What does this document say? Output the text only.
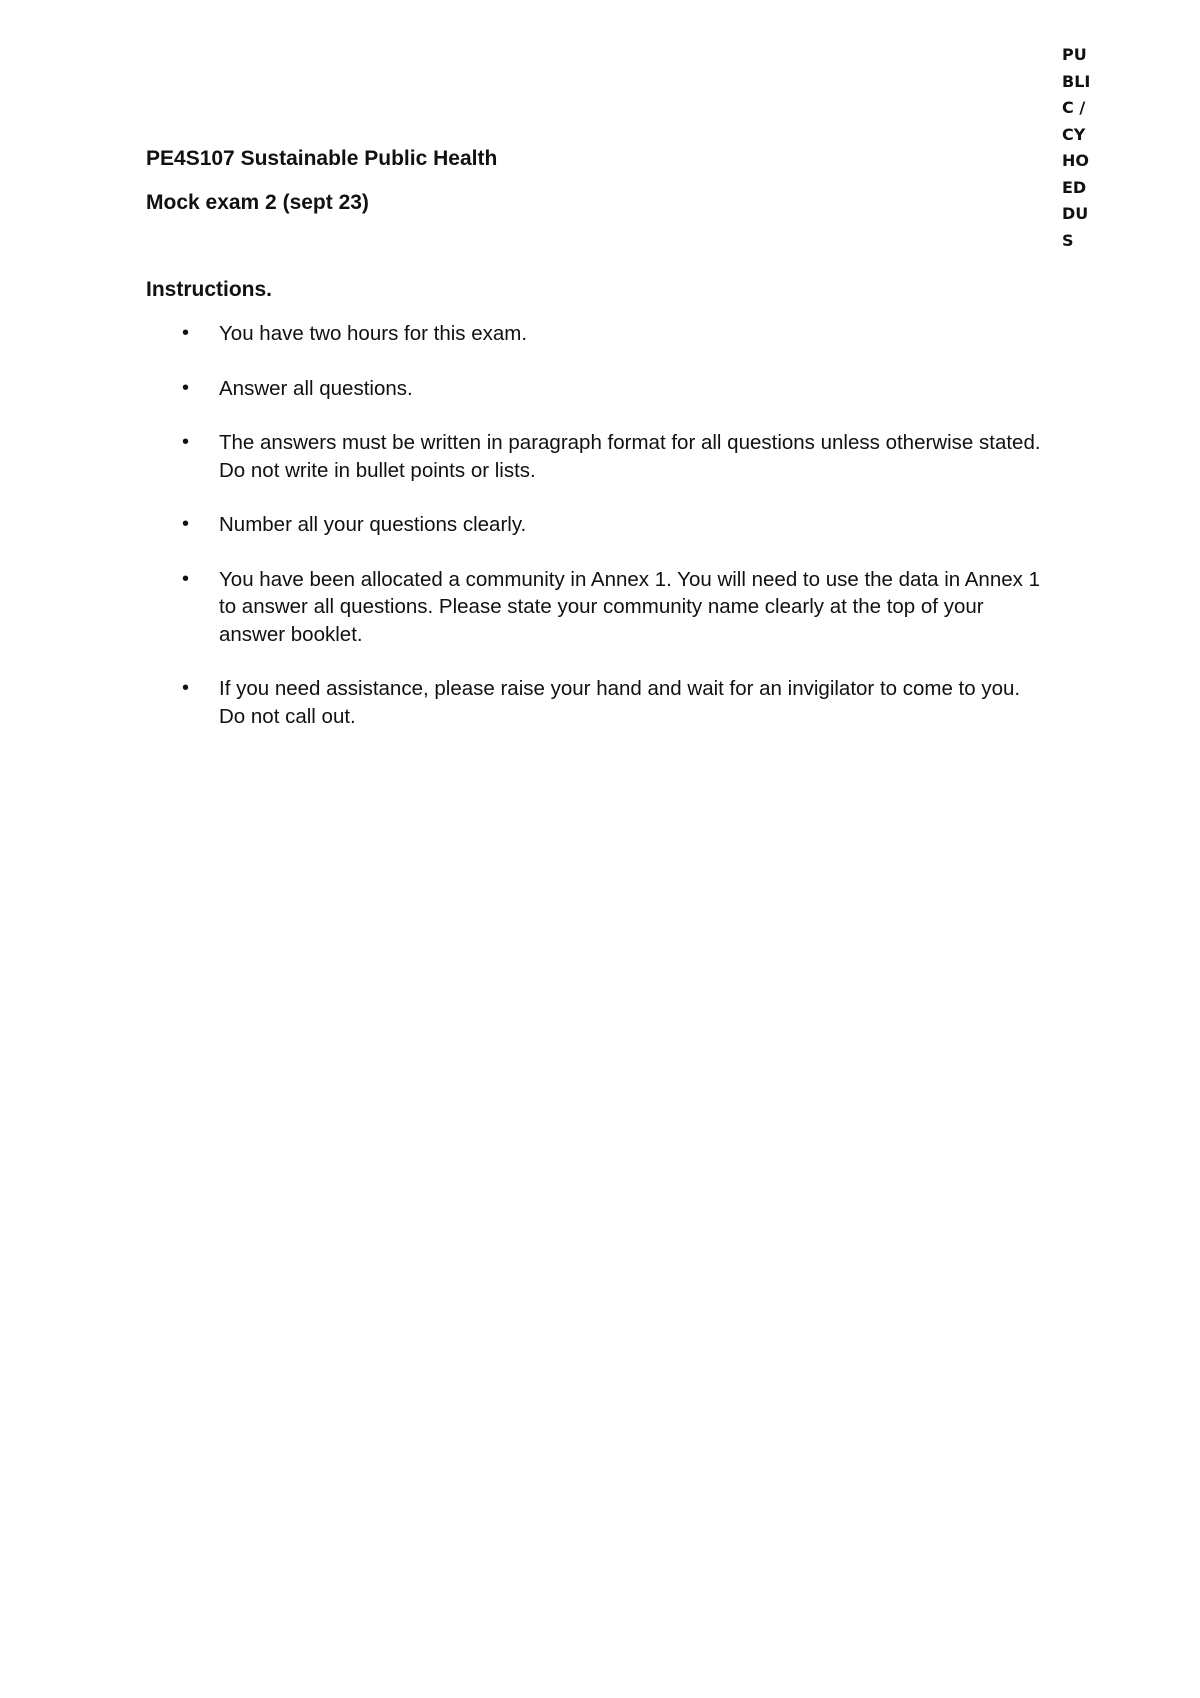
PU
BLI
C /
CY
HO
ED
DU
S
PE4S107 Sustainable Public Health
Mock exam 2 (sept 23)
Instructions.
• You have two hours for this exam.
• Answer all questions.
• The answers must be written in paragraph format for all questions unless otherwise stated. Do not write in bullet points or lists.
• Number all your questions clearly.
• You have been allocated a community in Annex 1. You will need to use the data in Annex 1 to answer all questions. Please state your community name clearly at the top of your answer booklet.
• If you need assistance, please raise your hand and wait for an invigilator to come to you. Do not call out.
